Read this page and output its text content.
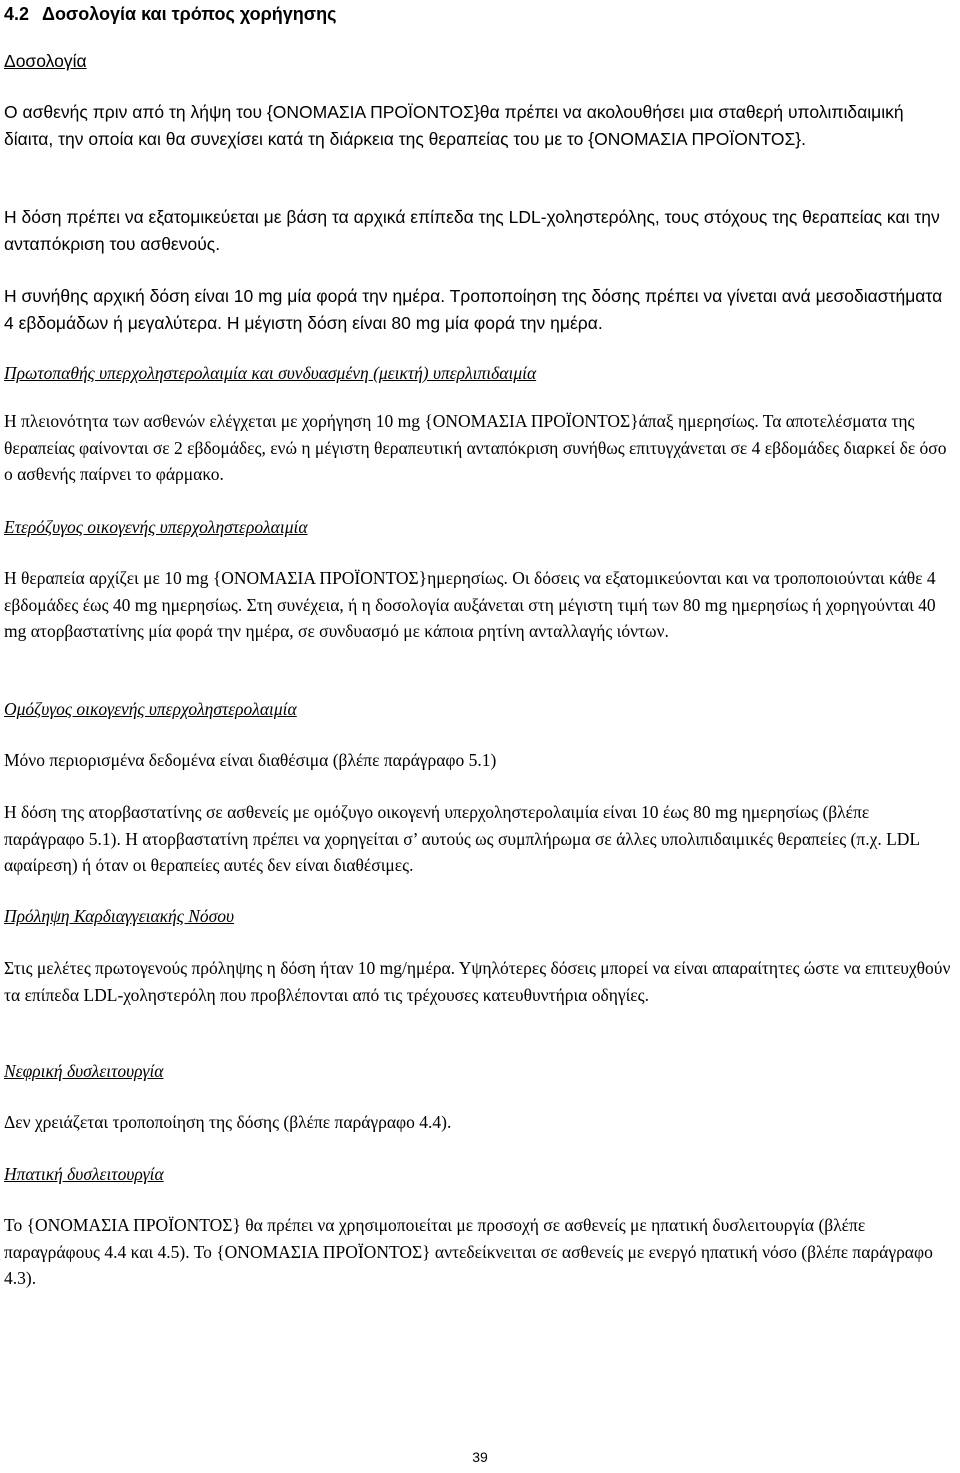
4.2 Δοσολογία και τρόπος χορήγησης
Δοσολογία

Ο ασθενής πριν από τη λήψη του {ΟΝΟΜΑΣΙΑ ΠΡΟΪΟΝΤΟΣ}θα πρέπει να ακολουθήσει μια σταθερή υπολιπιδαιμική δίαιτα, την οποία και θα συνεχίσει κατά τη διάρκεια της θεραπείας του με το {ΟΝΟΜΑΣΙΑ ΠΡΟΪΟΝΤΟΣ}.

Η δόση πρέπει να εξατομικεύεται με βάση τα αρχικά επίπεδα της LDL-χοληστερόλης, τους στόχους της θεραπείας και την ανταπόκριση του ασθενούς.

Η συνήθης αρχική δόση είναι 10 mg μία φορά την ημέρα. Τροποποίηση της δόσης πρέπει να γίνεται ανά μεσοδιαστήματα 4 εβδομάδων ή μεγαλύτερα. Η μέγιστη δόση είναι 80 mg μία φορά την ημέρα.

Πρωτοπαθής υπερχοληστερολαιμία και συνδυασμένη (μεικτή) υπερλιπιδαιμία

Η πλειονότητα των ασθενών ελέγχεται με χορήγηση 10 mg {ΟΝΟΜΑΣΙΑ ΠΡΟΪΟΝΤΟΣ}άπαξ ημερησίως. Τα αποτελέσματα της θεραπείας φαίνονται σε 2 εβδομάδες, ενώ η μέγιστη θεραπευτική ανταπόκριση συνήθως επιτυγχάνεται σε 4 εβδομάδες διαρκεί δε όσο ο ασθενής παίρνει το φάρμακο.

Ετερόζυγος οικογενής υπερχοληστερολαιμία

Η θεραπεία αρχίζει με 10 mg {ΟΝΟΜΑΣΙΑ ΠΡΟΪΟΝΤΟΣ}ημερησίως. Οι δόσεις να εξατομικεύονται και να τροποποιούνται κάθε 4 εβδομάδες έως 40 mg ημερησίως. Στη συνέχεια, ή η δοσολογία αυξάνεται στη μέγιστη τιμή των 80 mg ημερησίως ή χορηγούνται 40 mg ατορβαστατίνης μία φορά την ημέρα, σε συνδυασμό με κάποια ρητίνη ανταλλαγής ιόντων.

Ομόζυγος οικογενής υπερχοληστερολαιμία

Μόνο περιορισμένα δεδομένα είναι διαθέσιμα (βλέπε παράγραφο 5.1)

Η δόση της ατορβαστατίνης σε ασθενείς με ομόζυγο οικογενή υπερχοληστερολαιμία είναι 10 έως 80 mg ημερησίως (βλέπε παράγραφο 5.1). Η ατορβαστατίνη πρέπει να χορηγείται σ’ αυτούς ως συμπλήρωμα σε άλλες υπολιπιδαιμικές θεραπείες (π.χ. LDL αφαίρεση) ή όταν οι θεραπείες αυτές δεν είναι διαθέσιμες.

Πρόληψη Καρδιαγγειακής Νόσου

Στις μελέτες πρωτογενούς πρόληψης η δόση ήταν 10 mg/ημέρα. Υψηλότερες δόσεις μπορεί να είναι απαραίτητες ώστε να επιτευχθούν τα επίπεδα LDL-χοληστερόλη που προβλέπονται από τις τρέχουσες κατευθυντήρια οδηγίες.

Νεφρική δυσλειτουργία

Δεν χρειάζεται τροποποίηση της δόσης (βλέπε παράγραφο 4.4).

Ηπατική δυσλειτουργία

Το {ΟΝΟΜΑΣΙΑ ΠΡΟΪΟΝΤΟΣ} θα πρέπει να χρησιμοποιείται με προσοχή σε ασθενείς με ηπατική δυσλειτουργία (βλέπε παραγράφους 4.4 και 4.5). Το {ΟΝΟΜΑΣΙΑ ΠΡΟΪΟΝΤΟΣ} αντεδείκνειται σε ασθενείς με ενεργό ηπατική νόσο (βλέπε παράγραφο 4.3).

39
